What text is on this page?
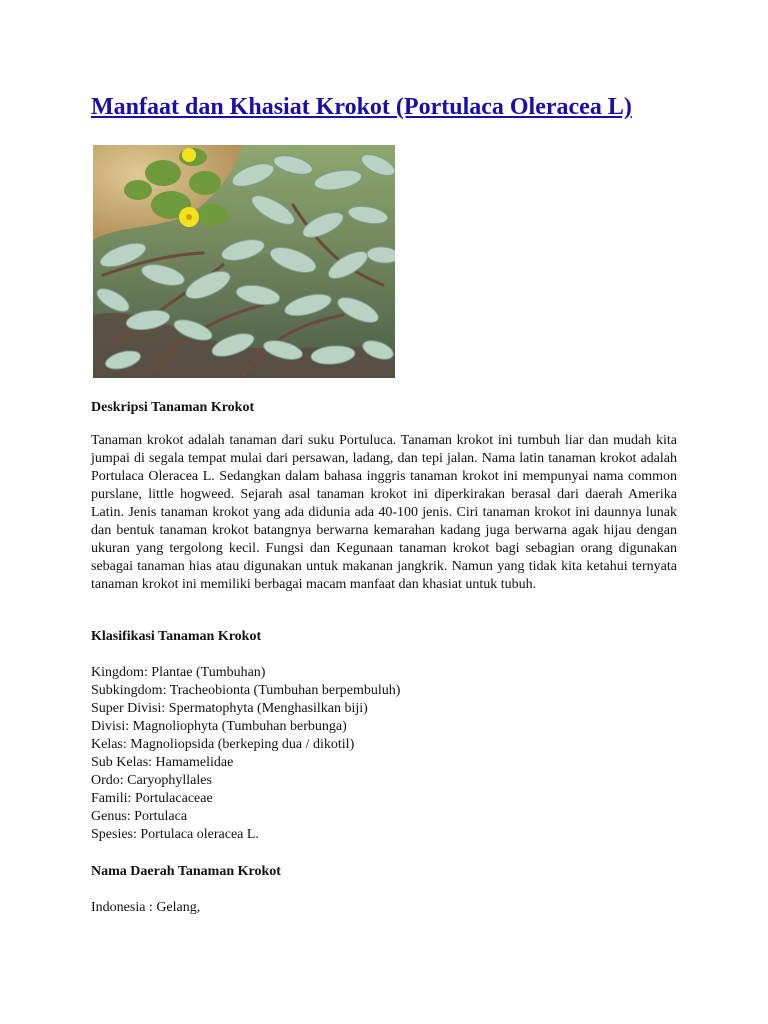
Manfaat dan Khasiat Krokot (Portulaca Oleracea L)
Deskripsi Tanaman Krokot

Tanaman krokot adalah tanaman dari suku Portuluca. Tanaman krokot ini tumbuh liar dan mudah kita jumpai di segala tempat mulai dari persawan, ladang, dan tepi jalan. Nama latin tanaman krokot adalah Portulaca Oleracea L. Sedangkan dalam bahasa inggris tanaman krokot ini mempunyai nama common purslane, little hogweed. Sejarah asal tanaman krokot ini diperkirakan berasal dari daerah Amerika Latin. Jenis tanaman krokot yang ada didunia ada 40-100 jenis. Ciri tanaman krokot ini daunnya lunak dan bentuk tanaman krokot batangnya berwarna kemarahan kadang juga berwarna agak hijau dengan ukuran yang tergolong kecil. Fungsi dan Kegunaan tanaman krokot bagi sebagian orang digunakan sebagai tanaman hias atau digunakan untuk makanan jangkrik. Namun yang tidak kita ketahui ternyata tanaman krokot ini memiliki berbagai macam manfaat dan khasiat untuk tubuh.

Klasifikasi Tanaman Krokot
Kingdom: Plantae (Tumbuhan)
Subkingdom: Tracheobionta (Tumbuhan berpembuluh)
Super Divisi: Spermatophyta (Menghasilkan biji)
Divisi: Magnoliophyta (Tumbuhan berbunga)
Kelas: Magnoliopsida (berkeping dua / dikotil)
Sub Kelas: Hamamelidae
Ordo: Caryophyllales
Famili: Portulacaceae
Genus: Portulaca
Spesies: Portulaca oleracea L.
Nama Daerah Tanaman Krokot

Indonesia : Gelang,
